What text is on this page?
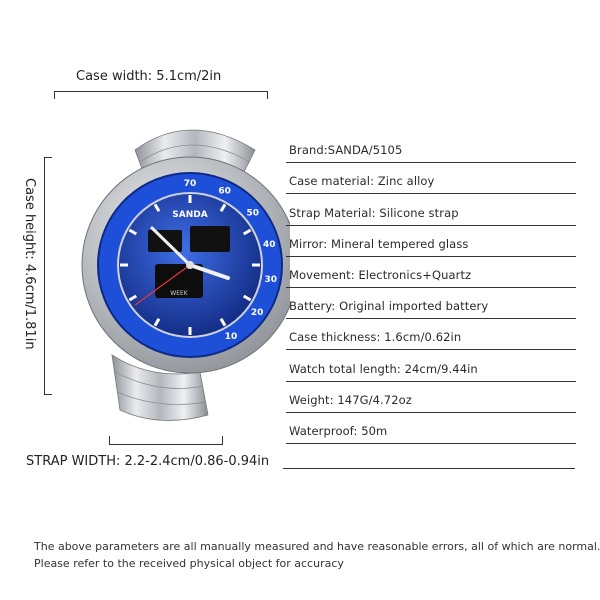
Case width: 5.1cm/2in
Case height: 4.6cm/1.81in	10
20
30
40
50
60
70
SANDA
WEEK
STRAP WIDTH: 2.2-2.4cm/0.86-0.94in
Brand:SANDA/5105
Case material: Zinc alloy
Strap Material: Silicone strap
Mirror: Mineral tempered glass
Movement: Electronics+Quartz
Battery: Original imported battery
Case thickness: 1.6cm/0.62in
Watch total length: 24cm/9.44in
Weight: 147G/4.72oz
Waterproof: 50m
The above parameters are all manually measured and have reasonable errors, all of which are normal.
Please refer to the received physical object for accuracy
